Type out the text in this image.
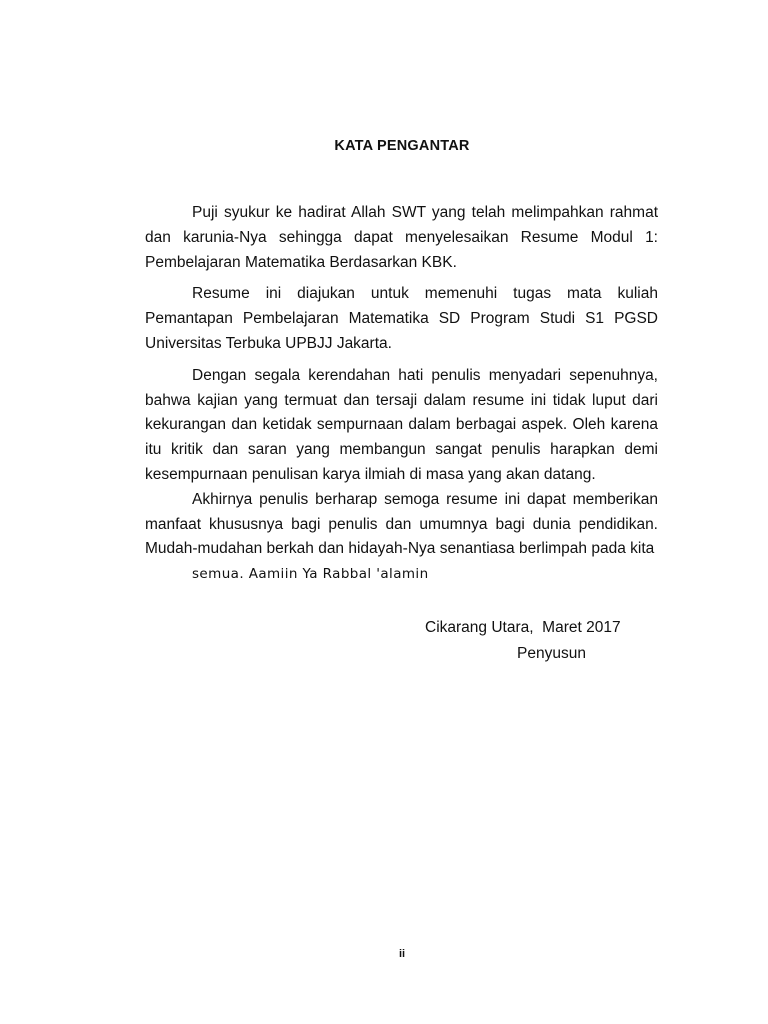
KATA PENGANTAR

Puji syukur ke hadirat Allah SWT yang telah melimpahkan rahmat dan karunia-Nya sehingga dapat menyelesaikan Resume Modul 1: Pembelajaran Matematika Berdasarkan KBK.

Resume ini diajukan untuk memenuhi tugas mata kuliah Pemantapan Pembelajaran Matematika SD Program Studi S1 PGSD Universitas Terbuka UPBJJ Jakarta.

Dengan segala kerendahan hati penulis menyadari sepenuhnya, bahwa kajian yang termuat dan tersaji dalam resume ini tidak luput dari kekurangan dan ketidak sempurnaan dalam berbagai aspek. Oleh karena itu kritik dan saran yang membangun sangat penulis harapkan demi kesempurnaan penulisan karya ilmiah di masa yang akan datang.

Akhirnya penulis berharap semoga resume ini dapat memberikan manfaat khususnya bagi penulis dan umumnya bagi dunia pendidikan. Mudah-mudahan berkah dan hidayah-Nya senantiasa berlimpah pada kita
semua. Aamiin Ya Rabbal 'alamin

Cikarang Utara,  Maret 2017
Penyusun
ii
